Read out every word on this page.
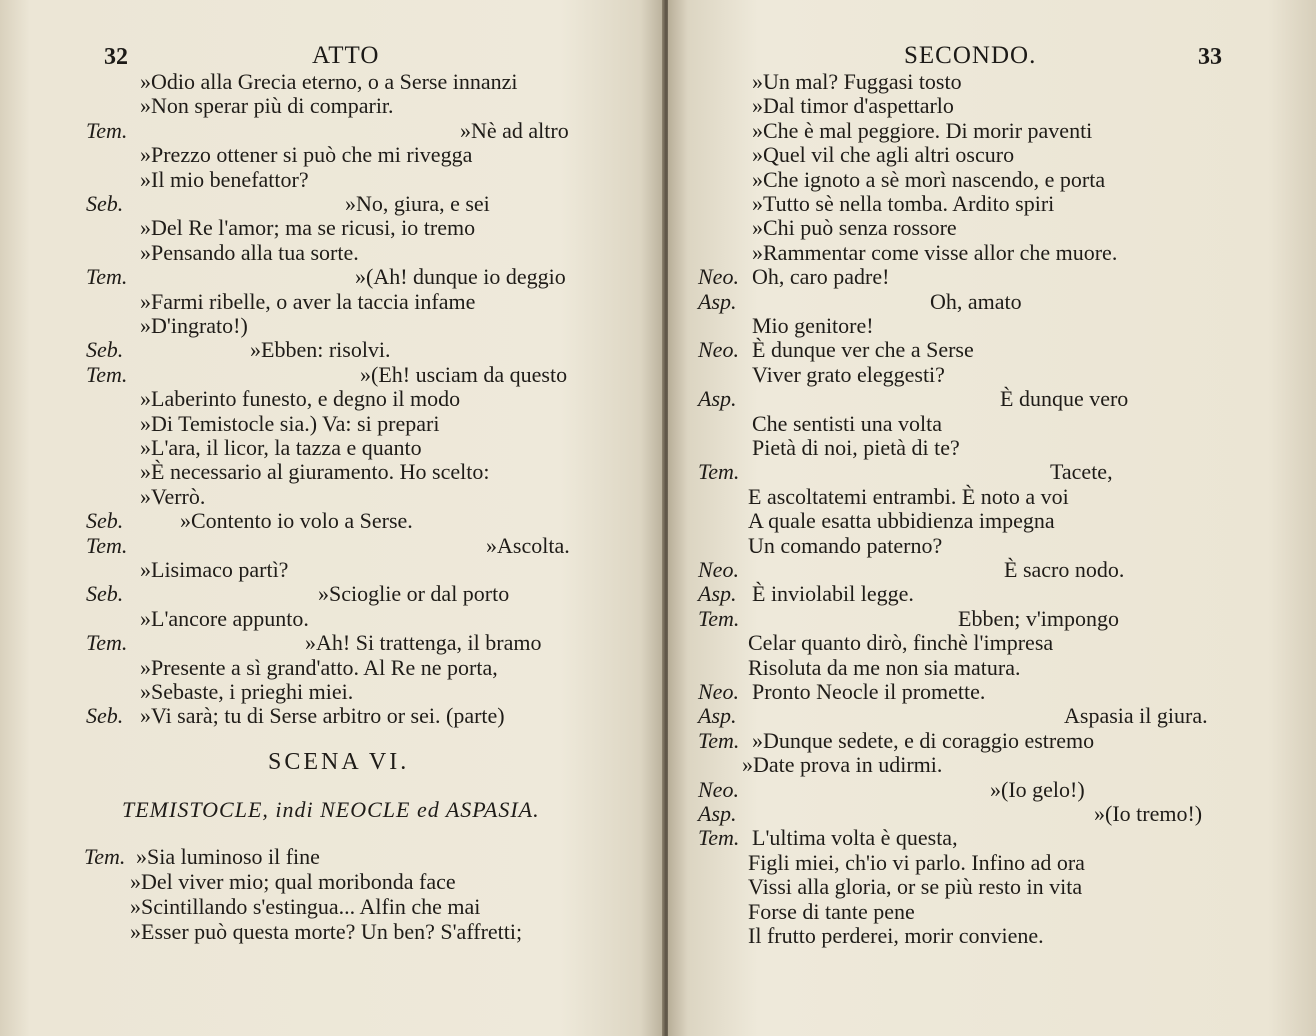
32	ATTO
»Odio alla Grecia eterno, o a Serse innanzi
»Non sperar più di comparir.
Tem.	»Nè ad altro
»Prezzo ottener si può che mi rivegga
»Il mio benefattor?
Seb.	»No, giura, e sei
»Del Re l'amor; ma se ricusi, io tremo
»Pensando alla tua sorte.
Tem.	»(Ah! dunque io deggio
»Farmi ribelle, o aver la taccia infame
»D'ingrato!)
Seb.	»Ebben: risolvi.
Tem.	»(Eh! usciam da questo
»Laberinto funesto, e degno il modo
»Di Temistocle sia.) Va: si prepari
»L'ara, il licor, la tazza e quanto
»È necessario al giuramento. Ho scelto:
»Verrò.
Seb.	»Contento io volo a Serse.
Tem.	»Ascolta.
»Lisimaco partì?
Seb.	»Scioglie or dal porto
»L'ancore appunto.
Tem.	»Ah! Si trattenga, il bramo
»Presente a sì grand'atto. Al Re ne porta,
»Sebaste, i prieghi miei.
Seb. »Vi sarà; tu di Serse arbitro or sei. (parte)
SCENA VI.
TEMISTOCLE, indi NEOCLE ed ASPASIA.
Tem. »Sia luminoso il fine
»Del viver mio; qual moribonda face
»Scintillando s'estingua... Alfin che mai
»Esser può questa morte? Un ben? S'affretti;
SECONDO.	33
»Un mal? Fuggasi tosto
»Dal timor d'aspettarlo
»Che è mal peggiore. Di morir paventi
»Quel vil che agli altri oscuro
»Che ignoto a sè morì nascendo, e porta
»Tutto sè nella tomba. Ardito spiri
»Chi può senza rossore
»Rammentar come visse allor che muore.
Neo. Oh, caro padre!
Asp.	Oh, amato
Mio genitore!
Neo. È dunque ver che a Serse
Viver grato eleggesti?
Asp.	È dunque vero
Che sentisti una volta
Pietà di noi, pietà di te?
Tem.	Tacete,
E ascoltatemi entrambi. È noto a voi
A quale esatta ubbidienza impegna
Un comando paterno?
Neo.	È sacro nodo.
Asp. È inviolabil legge.
Tem.	Ebben; v'impongo
Celar quanto dirò, finchè l'impresa
Risoluta da me non sia matura.
Neo. Pronto Neocle il promette.
Asp.	Aspasia il giura.
Tem. »Dunque sedete, e di coraggio estremo
»Date prova in udirmi.
Neo.	»(Io gelo!)
Asp.	»(Io tremo!)
Tem. L'ultima volta è questa,
Figli miei, ch'io vi parlo. Infino ad ora
Vissi alla gloria, or se più resto in vita
Forse di tante pene
Il frutto perderei, morir conviene.
